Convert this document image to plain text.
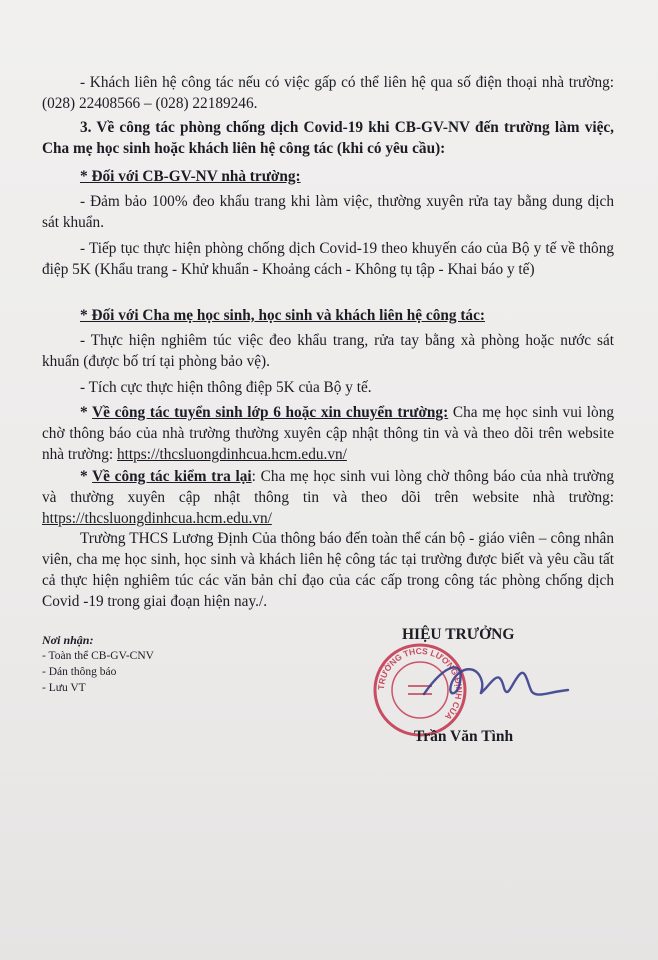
- Khách liên hệ công tác nếu có việc gấp có thể liên hệ qua số điện thoại nhà trường: (028) 22408566 – (028) 22189246.

3. Về công tác phòng chống dịch Covid-19 khi CB-GV-NV đến trường làm việc, Cha mẹ học sinh hoặc khách liên hệ công tác (khi có yêu cầu):

* Đối với CB-GV-NV nhà trường:

- Đảm bảo 100% đeo khẩu trang khi làm việc, thường xuyên rửa tay bằng dung dịch sát khuẩn.

- Tiếp tục thực hiện phòng chống dịch Covid-19 theo khuyến cáo của Bộ y tế về thông điệp 5K (Khẩu trang - Khử khuẩn - Khoảng cách - Không tụ tập - Khai báo y tế)

* Đối với Cha mẹ học sinh, học sinh và khách liên hệ công tác:

- Thực hiện nghiêm túc việc đeo khẩu trang, rửa tay bằng xà phòng hoặc nước sát khuẩn (được bố trí tại phòng bảo vệ).

- Tích cực thực hiện thông điệp 5K của Bộ y tế.

* Về công tác tuyển sinh lớp 6 hoặc xin chuyển trường: Cha mẹ học sinh vui lòng chờ thông báo của nhà trường thường xuyên cập nhật thông tin và và theo dõi trên website nhà trường: https://thcsluongdinhcua.hcm.edu.vn/

* Về công tác kiểm tra lại: Cha mẹ học sinh vui lòng chờ thông báo của nhà trường và thường xuyên cập nhật thông tin và theo dõi trên website nhà trường: https://thcsluongdinhcua.hcm.edu.vn/

Trường THCS Lương Định Của thông báo đến toàn thể cán bộ - giáo viên – công nhân viên, cha mẹ học sinh, học sinh và khách liên hệ công tác tại trường được biết và yêu cầu tất cả thực hiện nghiêm túc các văn bản chỉ đạo của các cấp trong công tác phòng chống dịch Covid -19 trong giai đoạn hiện nay./.

Nơi nhận:
- Toàn thể CB-GV-CNV
- Dán thông báo
- Lưu VT	TRƯỜNG THCS LƯƠNG ĐỊNH CỦA
HIỆU TRƯỞNG
Trần Văn Tình
